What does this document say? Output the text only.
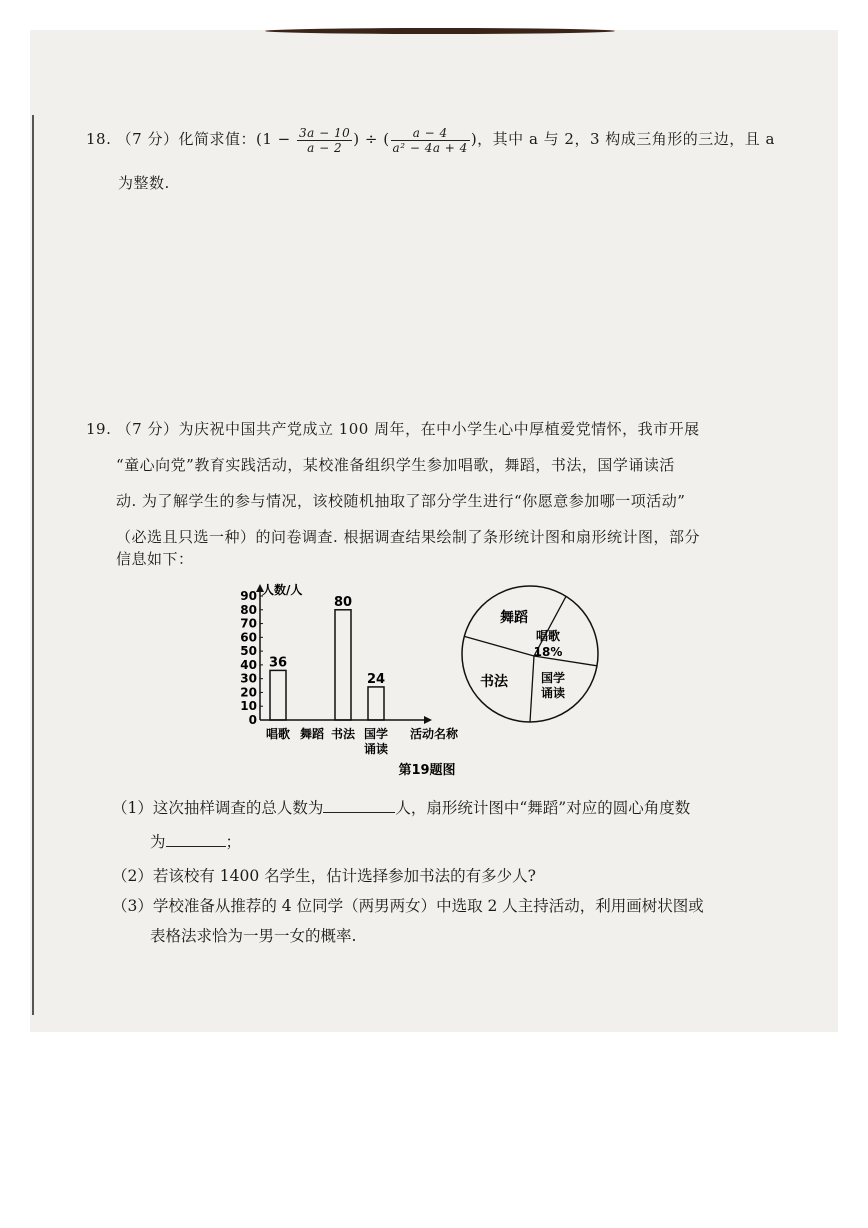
18. （7 分）化简求值：($1 - \frac{3a - 10}{a - 2}$ ) ÷ ( $\frac{a - 4}{\text{a² − 4a + 4}}$ )，其中 a 与 2，3 构成三角形的三边，且 a
为整数.
19. （7 分）为庆祝中国共产党成立 100 周年，在中小学生心中厚植爱党情怀，我市开展
“童心向党”教育实践活动，某校准备组织学生参加唱歌，舞蹈，书法，国学诵读活
动. 为了解学生的参与情况，该校随机抽取了部分学生进行“你愿意参加哪一项活动”
（必选且只选一种）的问卷调查. 根据调查结果绘制了条形统计图和扇形统计图，部分
信息如下：
人数/人
0
10
20
30
40
50
60
70
80
90
36
80
24
唱歌 舞蹈 书法 国学
诵读
活动名称
舞蹈
唱歌
18%
国学
诵读
书法
第19题图
（1）这次抽样调查的总人数为	人，扇形统计图中“舞蹈”对应的圆心角度数
为	；
（2）若该校有 1400 名学生，估计选择参加书法的有多少人?
（3）学校准备从推荐的 4 位同学（两男两女）中选取 2 人主持活动，利用画树状图或
表格法求恰为一男一女的概率.
